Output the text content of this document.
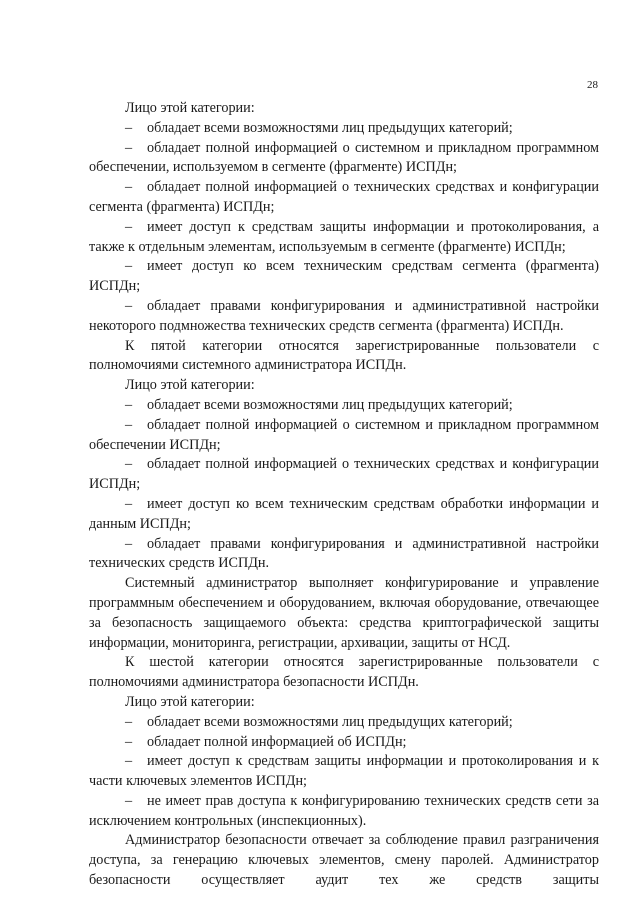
28

Лицо этой категории:

– обладает всеми возможностями лиц предыдущих категорий;

– обладает полной информацией о системном и прикладном программном обеспечении, используемом в сегменте (фрагменте) ИСПДн;

– обладает полной информацией о технических средствах и конфигурации сегмента (фрагмента) ИСПДн;

– имеет доступ к средствам защиты информации и протоколирования, а также к отдельным элементам, используемым в сегменте (фрагменте) ИСПДн;

– имеет доступ ко всем техническим средствам сегмента (фрагмента) ИСПДн;

– обладает правами конфигурирования и административной настройки некоторого подмножества технических средств сегмента (фрагмента) ИСПДн.

К пятой категории относятся зарегистрированные пользователи с полномочиями системного администратора ИСПДн.

Лицо этой категории:

– обладает всеми возможностями лиц предыдущих категорий;

– обладает полной информацией о системном и прикладном программном обеспечении ИСПДн;

– обладает полной информацией о технических средствах и конфигурации ИСПДн;

– имеет доступ ко всем техническим средствам обработки информации и данным ИСПДн;

– обладает правами конфигурирования и административной настройки технических средств ИСПДн.

Системный администратор выполняет конфигурирование и управление программным обеспечением и оборудованием, включая оборудование, отвечающее за безопасность защищаемого объекта: средства криптографической защиты информации, мониторинга, регистрации, архивации, защиты от НСД.

К шестой категории относятся зарегистрированные пользователи с полномочиями администратора безопасности ИСПДн.

Лицо этой категории:

– обладает всеми возможностями лиц предыдущих категорий;

– обладает полной информацией об ИСПДн;

– имеет доступ к средствам защиты информации и протоколирования и к части ключевых элементов ИСПДн;

– не имеет прав доступа к конфигурированию технических средств сети за исключением контрольных (инспекционных).

Администратор безопасности отвечает за соблюдение правил разграничения доступа, за генерацию ключевых элементов, смену паролей. Администратор безопасности осуществляет аудит тех же средств защиты
